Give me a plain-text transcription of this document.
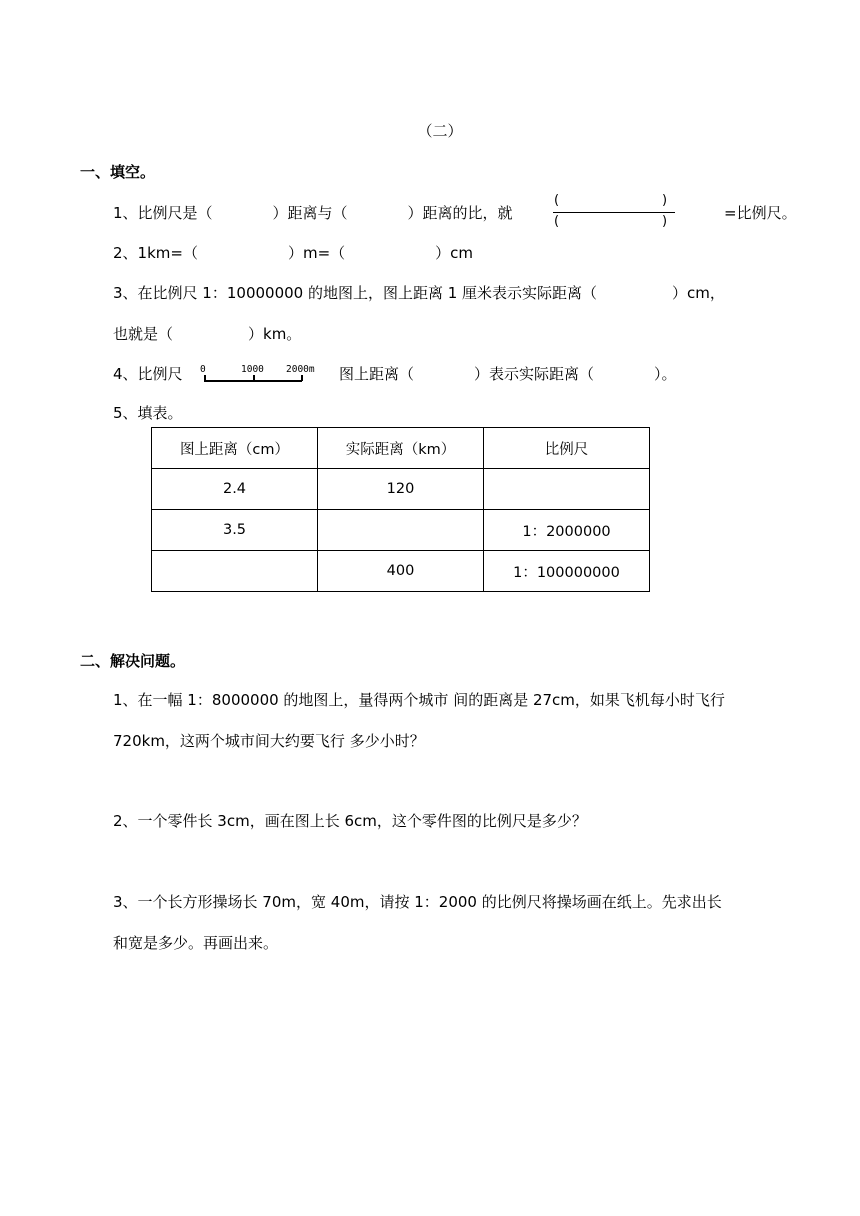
（二）
一、填空。
1、比例尺是（　　　　）距离与（　　　　）距离的比，就
(	)
(	)	=比例尺。
2、1km=（　　　　　　）m=（　　　　　　）cm
3、在比例尺 1：10000000 的地图上，图上距离 1 厘米表示实际距离（　　　　　）cm，
也就是（　　　　　）km。
4、比例尺 0	1000 2000m 图上距离（　　　　）表示实际距离（　　　　）。
5、填表。
图上距离（cm）	实际距离（km）	比例尺
2.4	120	
3.5		1：2000000
	400	1：100000000
二、解决问题。
1、在一幅 1：8000000 的地图上，量得两个城市 间的距离是 27cm，如果飞机每小时飞行
720km，这两个城市间大约要飞行 多少小时？
2、一个零件长 3cm，画在图上长 6cm，这个零件图的比例尺是多少？
3、一个长方形操场长 70m，宽 40m，请按 1：2000 的比例尺将操场画在纸上。先求出长
和宽是多少。再画出来。
